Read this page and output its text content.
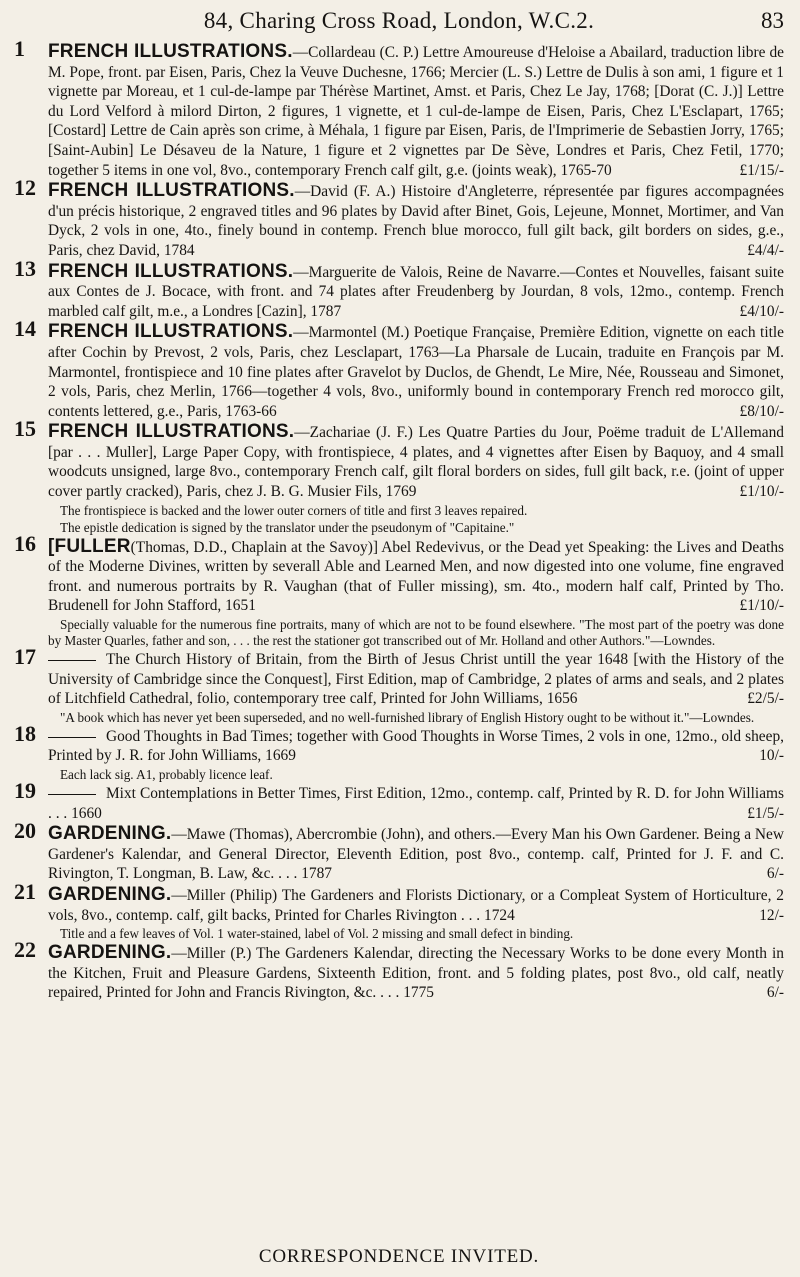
84, Charing Cross Road, London, W.C.2.	83
1	FRENCH ILLUSTRATIONS.—Collardeau (C. P.) Lettre Amoureuse d'Heloise a Abailard, traduction libre de M. Pope, front. par Eisen, Paris, Chez la Veuve Duchesne, 1766; Mercier (L. S.) Lettre de Dulis à son ami, 1 figure et 1 vignette par Moreau, et 1 cul-de-lampe par Thérèse Martinet, Amst. et Paris, Chez Le Jay, 1768; [Dorat (C. J.)] Lettre du Lord Velford à milord Dirton, 2 figures, 1 vignette, et 1 cul-de-lampe de Eisen, Paris, Chez L'Esclapart, 1765; [Costard] Lettre de Cain après son crime, à Méhala, 1 figure par Eisen, Paris, de l'Imprimerie de Sebastien Jorry, 1765; [Saint-Aubin] Le Désaveu de la Nature, 1 figure et 2 vignettes par De Sève, Londres et Paris, Chez Fetil, 1770; together 5 items in one vol, 8vo., contemporary French calf gilt, g.e. (joints weak), 1765-70	£1/15/-
12 FRENCH ILLUSTRATIONS.—David (F. A.) Histoire d'Angleterre, répresentée par figures accompagnées d'un précis historique, 2 engraved titles and 96 plates by David after Binet, Gois, Lejeune, Monnet, Mortimer, and Van Dyck, 2 vols in one, 4to., finely bound in contemp. French blue morocco, full gilt back, gilt borders on sides, g.e., Paris, chez David, 1784	£4/4/-
13 FRENCH ILLUSTRATIONS.—Marguerite de Valois, Reine de Navarre.—Contes et Nouvelles, faisant suite aux Contes de J. Bocace, with front. and 74 plates after Freudenberg by Jourdan, 8 vols, 12mo., contemp. French marbled calf gilt, m.e., a Londres [Cazin], 1787	£4/10/-
14 FRENCH ILLUSTRATIONS.—Marmontel (M.) Poetique Française, Première Edition, vignette on each title after Cochin by Prevost, 2 vols, Paris, chez Lesclapart, 1763—La Pharsale de Lucain, traduite en François par M. Marmontel, frontispiece and 10 fine plates after Gravelot by Duclos, de Ghendt, Le Mire, Née, Rousseau and Simonet, 2 vols, Paris, chez Merlin, 1766—together 4 vols, 8vo., uniformly bound in contemporary French red morocco gilt, contents lettered, g.e., Paris, 1763-66	£8/10/-
15 FRENCH ILLUSTRATIONS.—Zachariae (J. F.) Les Quatre Parties du Jour, Poëme traduit de L'Allemand [par . . . Muller], Large Paper Copy, with frontispiece, 4 plates, and 4 vignettes after Eisen by Baquoy, and 4 small woodcuts unsigned, large 8vo., contemporary French calf, gilt floral borders on sides, full gilt back, r.e. (joint of upper cover partly cracked), Paris, chez J. B. G. Musier Fils, 1769	£1/10/-
The frontispiece is backed and the lower outer corners of title and first 3 leaves repaired.
The epistle dedication is signed by the translator under the pseudonym of "Capitaine."
16 [FULLER(Thomas, D.D., Chaplain at the Savoy)] Abel Redevivus, or the Dead yet Speaking: the Lives and Deaths of the Moderne Divines, written by severall Able and Learned Men, and now digested into one volume, fine engraved front. and numerous portraits by R. Vaughan (that of Fuller missing), sm. 4to., modern half calf, Printed by Tho. Brudenell for John Stafford, 1651	£1/10/-
Specially valuable for the numerous fine portraits, many of which are not to be found elsewhere. "The most part of the poetry was done by Master Quarles, father and son, . . . the rest the stationer got transcribed out of Mr. Holland and other Authors."—Lowndes.
17	The Church History of Britain, from the Birth of Jesus Christ untill the year 1648 [with the History of the University of Cambridge since the Conquest], First Edition, map of Cambridge, 2 plates of arms and seals, and 2 plates of Litchfield Cathedral, folio, contemporary tree calf, Printed for John Williams, 1656	£2/5/-
"A book which has never yet been superseded, and no well-furnished library of English History ought to be without it."—Lowndes.
18	Good Thoughts in Bad Times; together with Good Thoughts in Worse Times, 2 vols in one, 12mo., old sheep, Printed by J. R. for John Williams, 1669	10/-
Each lack sig. A1, probably licence leaf.
19	Mixt Contemplations in Better Times, First Edition, 12mo., contemp. calf, Printed by R. D. for John Williams . . . 1660	£1/5/-
20 GARDENING.—Mawe (Thomas), Abercrombie (John), and others.—Every Man his Own Gardener. Being a New Gardener's Kalendar, and General Director, Eleventh Edition, post 8vo., contemp. calf, Printed for J. F. and C. Rivington, T. Longman, B. Law, &c. . . . 1787	6/-
21 GARDENING.—Miller (Philip) The Gardeners and Florists Dictionary, or a Compleat System of Horticulture, 2 vols, 8vo., contemp. calf, gilt backs, Printed for Charles Rivington . . . 1724	12/-
Title and a few leaves of Vol. 1 water-stained, label of Vol. 2 missing and small defect in binding.
22 GARDENING.—Miller (P.) The Gardeners Kalendar, directing the Necessary Works to be done every Month in the Kitchen, Fruit and Pleasure Gardens, Sixteenth Edition, front. and 5 folding plates, post 8vo., old calf, neatly repaired, Printed for John and Francis Rivington, &c. . . . 1775	6/-
CORRESPONDENCE INVITED.
